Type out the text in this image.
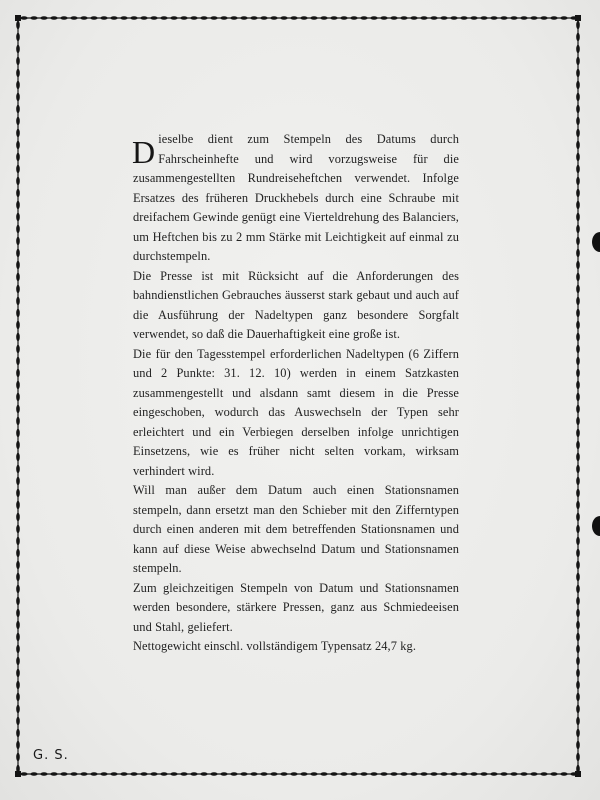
Dieselbe dient zum Stempeln des Datums durch Fahrscheinhefte und wird vorzugsweise für die zusammengestellten Rundreiseheftchen verwendet. Infolge Ersatzes des früheren Druckhebels durch eine Schraube mit dreifachem Gewinde genügt eine Vierteldrehung des Balanciers, um Heftchen bis zu 2 mm Stärke mit Leichtigkeit auf einmal zu durchstempeln.

Die Presse ist mit Rücksicht auf die Anforderungen des bahndienstlichen Gebrauches äusserst stark gebaut und auch auf die Ausführung der Nadeltypen ganz besondere Sorgfalt verwendet, so daß die Dauerhaftigkeit eine große ist.

Die für den Tagesstempel erforderlichen Nadeltypen (6 Ziffern und 2 Punkte: 31. 12. 10) werden in einem Satzkasten zusammengestellt und alsdann samt diesem in die Presse eingeschoben, wodurch das Auswechseln der Typen sehr erleichtert und ein Verbiegen derselben infolge unrichtigen Einsetzens, wie es früher nicht selten vorkam, wirksam verhindert wird.

Will man außer dem Datum auch einen Stationsnamen stempeln, dann ersetzt man den Schieber mit den Zifferntypen durch einen anderen mit dem betreffenden Stationsnamen und kann auf diese Weise abwechselnd Datum und Stationsnamen stempeln.

Zum gleichzeitigen Stempeln von Datum und Stationsnamen werden besondere, stärkere Pressen, ganz aus Schmiedeeisen und Stahl, geliefert.

Nettogewicht einschl. vollständigem Typensatz 24,7 kg.

G. S.
